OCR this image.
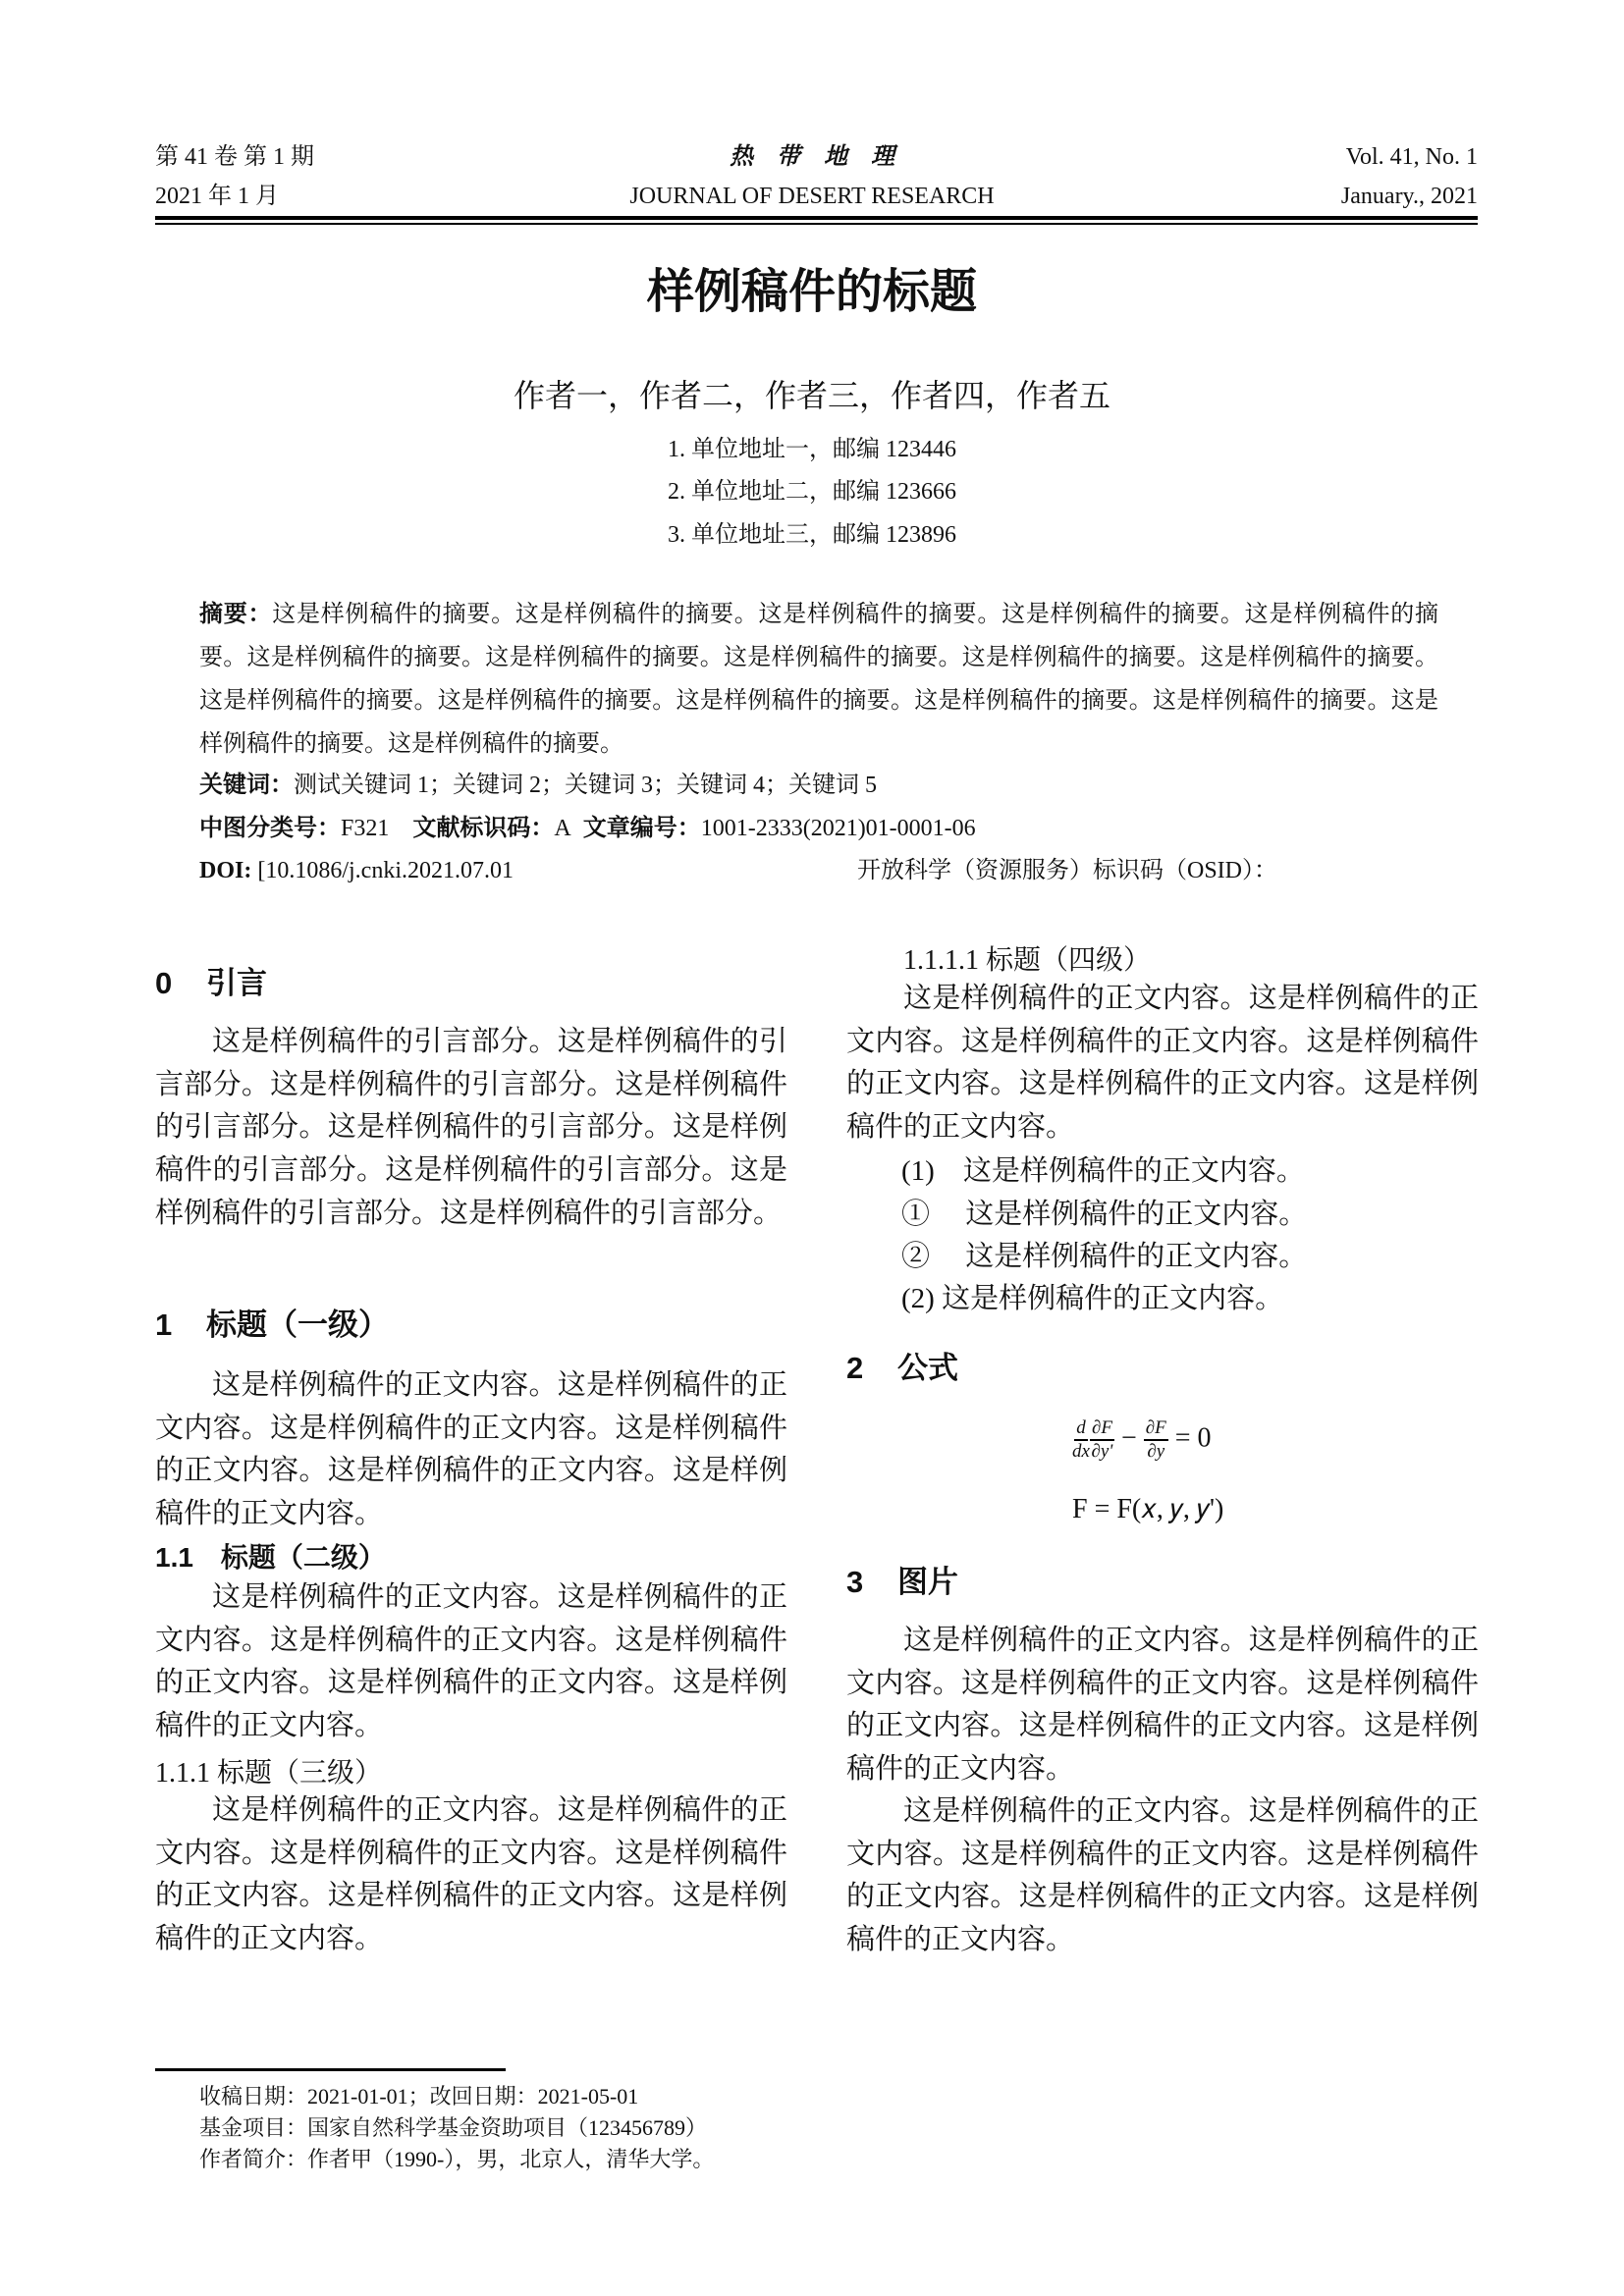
第 41 卷 第 1 期
2021 年 1 月
热　带　地　理
JOURNAL OF DESERT RESEARCH
Vol. 41, No. 1
January., 2021
样例稿件的标题
作者一，作者二，作者三，作者四，作者五
1. 单位地址一，邮编 123446
2. 单位地址二，邮编 123666
3. 单位地址三，邮编 123896
摘要：这是样例稿件的摘要。这是样例稿件的摘要。这是样例稿件的摘要。这是样例稿件的摘要。这是样例稿件的摘要。这是样例稿件的摘要。这是样例稿件的摘要。这是样例稿件的摘要。这是样例稿件的摘要。这是样例稿件的摘要。这是样例稿件的摘要。这是样例稿件的摘要。这是样例稿件的摘要。这是样例稿件的摘要。这是样例稿件的摘要。这是样例稿件的摘要。这是样例稿件的摘要。
关键词：测试关键词 1；关键词 2；关键词 3；关键词 4；关键词 5
中图分类号：F321 文献标识码：A 文章编号：1001-2333(2021)01-0001-06
DOI: [10.1086/j.cnki.2021.07.01	开放科学（资源服务）标识码（OSID）：
0 引言
这是样例稿件的引言部分。这是样例稿件的引言部分。这是样例稿件的引言部分。这是样例稿件的引言部分。这是样例稿件的引言部分。这是样例稿件的引言部分。这是样例稿件的引言部分。这是样例稿件的引言部分。这是样例稿件的引言部分。
1 标题（一级）
这是样例稿件的正文内容。这是样例稿件的正文内容。这是样例稿件的正文内容。这是样例稿件的正文内容。这是样例稿件的正文内容。这是样例稿件的正文内容。
1.1　标题（二级）
这是样例稿件的正文内容。这是样例稿件的正文内容。这是样例稿件的正文内容。这是样例稿件的正文内容。这是样例稿件的正文内容。这是样例稿件的正文内容。
1.1.1 标题（三级）
这是样例稿件的正文内容。这是样例稿件的正文内容。这是样例稿件的正文内容。这是样例稿件的正文内容。这是样例稿件的正文内容。这是样例稿件的正文内容。
1.1.1.1 标题（四级）
这是样例稿件的正文内容。这是样例稿件的正文内容。这是样例稿件的正文内容。这是样例稿件的正文内容。这是样例稿件的正文内容。这是样例稿件的正文内容。
(1)　这是样例稿件的正文内容。
①　 这是样例稿件的正文内容。
②　 这是样例稿件的正文内容。
(2) 这是样例稿件的正文内容。
2 公式
$\frac{d}{dx} \frac{\partial F}{\partial y'} - \frac{\partial F}{\partial y} = 0$
F = F(𝑥, 𝑦, 𝑦')
3 图片
这是样例稿件的正文内容。这是样例稿件的正文内容。这是样例稿件的正文内容。这是样例稿件的正文内容。这是样例稿件的正文内容。这是样例稿件的正文内容。
这是样例稿件的正文内容。这是样例稿件的正文内容。这是样例稿件的正文内容。这是样例稿件的正文内容。这是样例稿件的正文内容。这是样例稿件的正文内容。
收稿日期：2021-01-01；改回日期：2021-05-01
基金项目：国家自然科学基金资助项目（123456789）
作者简介：作者甲（1990-），男，北京人，清华大学。
